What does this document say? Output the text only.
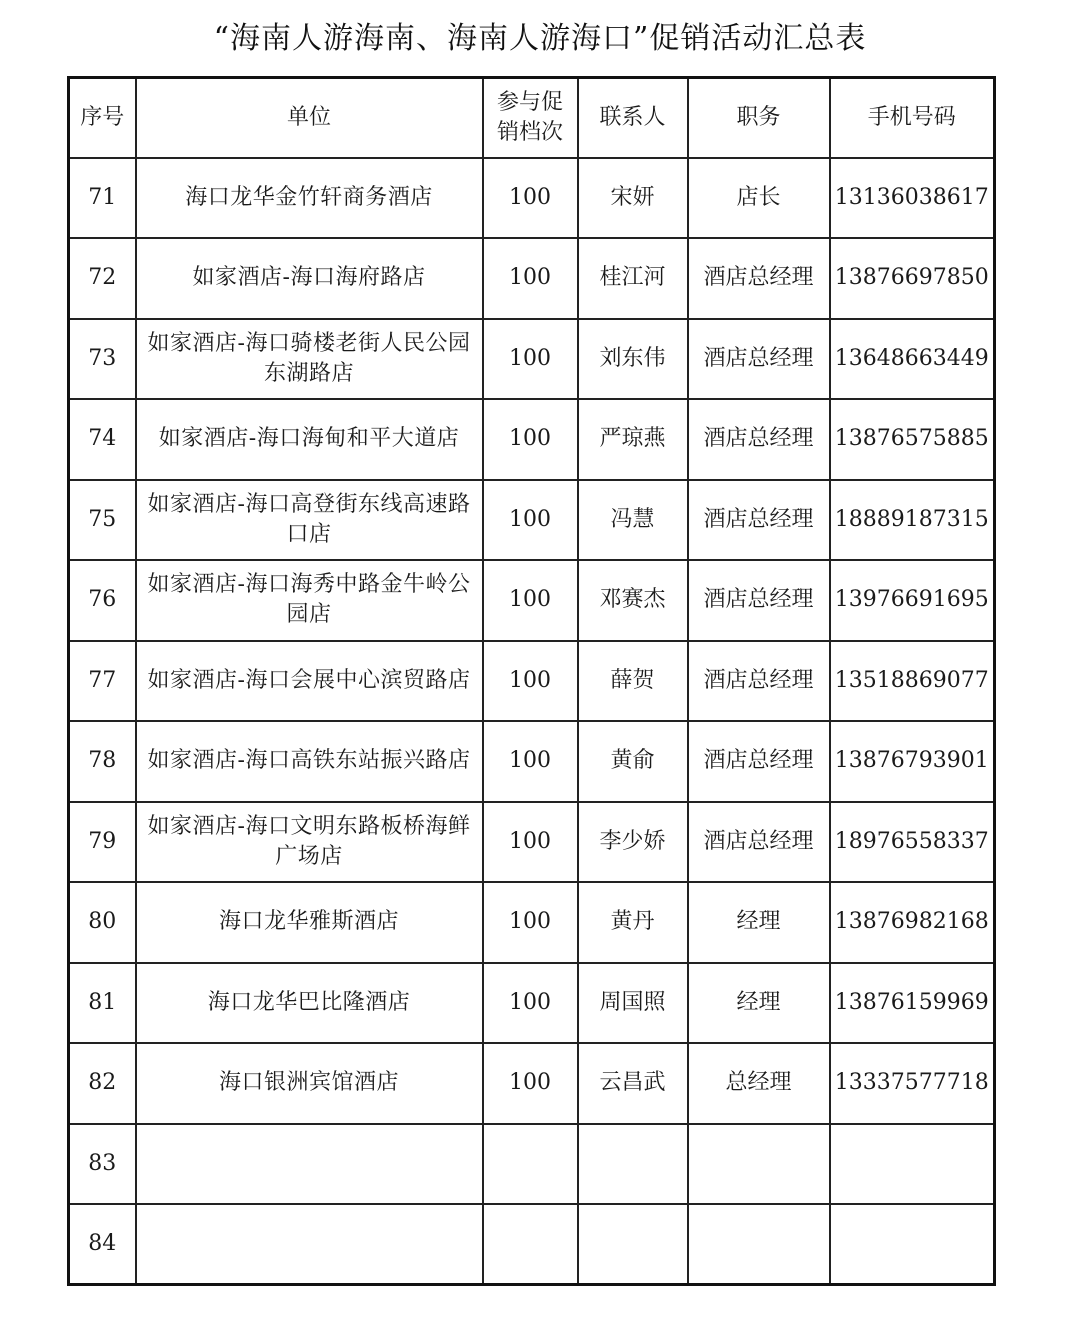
“海南人游海南、海南人游海口”促销活动汇总表
序号	单位	参与促销档次	联系人	职务	手机号码
71	海口龙华金竹轩商务酒店	100	宋妍	店长	13136038617
72	如家酒店-海口海府路店	100	桂江河	酒店总经理	13876697850
73	如家酒店-海口骑楼老街人民公园东湖路店	100	刘东伟	酒店总经理	13648663449
74	如家酒店-海口海甸和平大道店	100	严琼燕	酒店总经理	13876575885
75	如家酒店-海口高登街东线高速路口店	100	冯慧	酒店总经理	18889187315
76	如家酒店-海口海秀中路金牛岭公园店	100	邓赛杰	酒店总经理	13976691695
77	如家酒店-海口会展中心滨贸路店	100	薛贺	酒店总经理	13518869077
78	如家酒店-海口高铁东站振兴路店	100	黄俞	酒店总经理	13876793901
79	如家酒店-海口文明东路板桥海鲜广场店	100	李少娇	酒店总经理	18976558337
80	海口龙华雅斯酒店	100	黄丹	经理	13876982168
81	海口龙华巴比隆酒店	100	周国照	经理	13876159969
82	海口银洲宾馆酒店	100	云昌武	总经理	13337577718
83					
84					
